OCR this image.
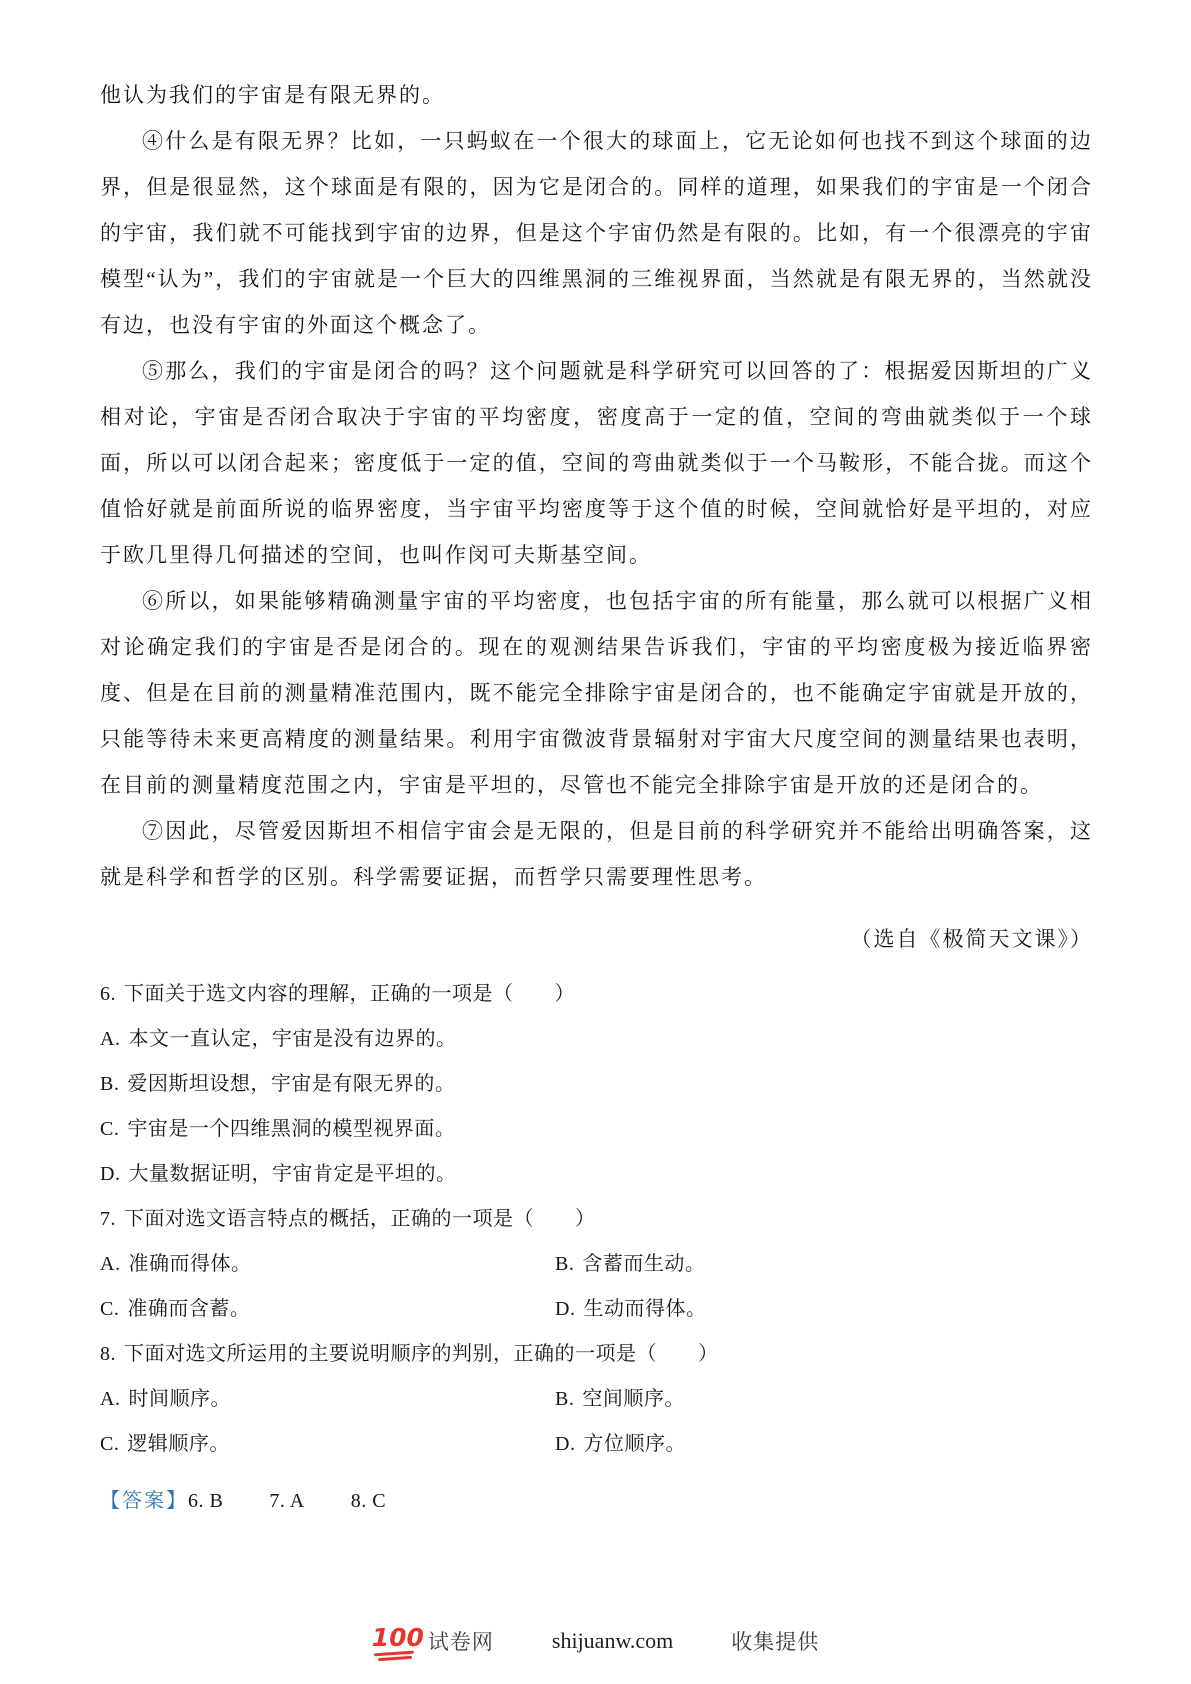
他认为我们的宇宙是有限无界的。

④什么是有限无界？比如，一只蚂蚁在一个很大的球面上，它无论如何也找不到这个球面的边界，但是很显然，这个球面是有限的，因为它是闭合的。同样的道理，如果我们的宇宙是一个闭合的宇宙，我们就不可能找到宇宙的边界，但是这个宇宙仍然是有限的。比如，有一个很漂亮的宇宙模型“认为”，我们的宇宙就是一个巨大的四维黑洞的三维视界面，当然就是有限无界的，当然就没有边，也没有宇宙的外面这个概念了。

⑤那么，我们的宇宙是闭合的吗？这个问题就是科学研究可以回答的了：根据爱因斯坦的广义相对论，宇宙是否闭合取决于宇宙的平均密度，密度高于一定的值，空间的弯曲就类似于一个球面，所以可以闭合起来；密度低于一定的值，空间的弯曲就类似于一个马鞍形，不能合拢。而这个值恰好就是前面所说的临界密度，当宇宙平均密度等于这个值的时候，空间就恰好是平坦的，对应于欧几里得几何描述的空间，也叫作闵可夫斯基空间。

⑥所以，如果能够精确测量宇宙的平均密度，也包括宇宙的所有能量，那么就可以根据广义相对论确定我们的宇宙是否是闭合的。现在的观测结果告诉我们，宇宙的平均密度极为接近临界密度、但是在目前的测量精准范围内，既不能完全排除宇宙是闭合的，也不能确定宇宙就是开放的，只能等待未来更高精度的测量结果。利用宇宙微波背景辐射对宇宙大尺度空间的测量结果也表明，在目前的测量精度范围之内，宇宙是平坦的，尽管也不能完全排除宇宙是开放的还是闭合的。

⑦因此，尽管爱因斯坦不相信宇宙会是无限的，但是目前的科学研究并不能给出明确答案，这就是科学和哲学的区别。科学需要证据，而哲学只需要理性思考。

（选自《极简天文课》）
6. 下面关于选文内容的理解，正确的一项是（　　）
A. 本文一直认定，宇宙是没有边界的。
B. 爱因斯坦设想，宇宙是有限无界的。
C. 宇宙是一个四维黑洞的模型视界面。
D. 大量数据证明，宇宙肯定是平坦的。
7. 下面对选文语言特点的概括，正确的一项是（　　）
A. 准确而得体。	B. 含蓄而生动。
C. 准确而含蓄。	D. 生动而得体。
8. 下面对选文所运用的主要说明顺序的判别，正确的一项是（　　）
A. 时间顺序。	B. 空间顺序。
C. 逻辑顺序。	D. 方位顺序。
【答案】6. B 7. A 8. C
100 试卷网	shijuanw.com	收集提供
